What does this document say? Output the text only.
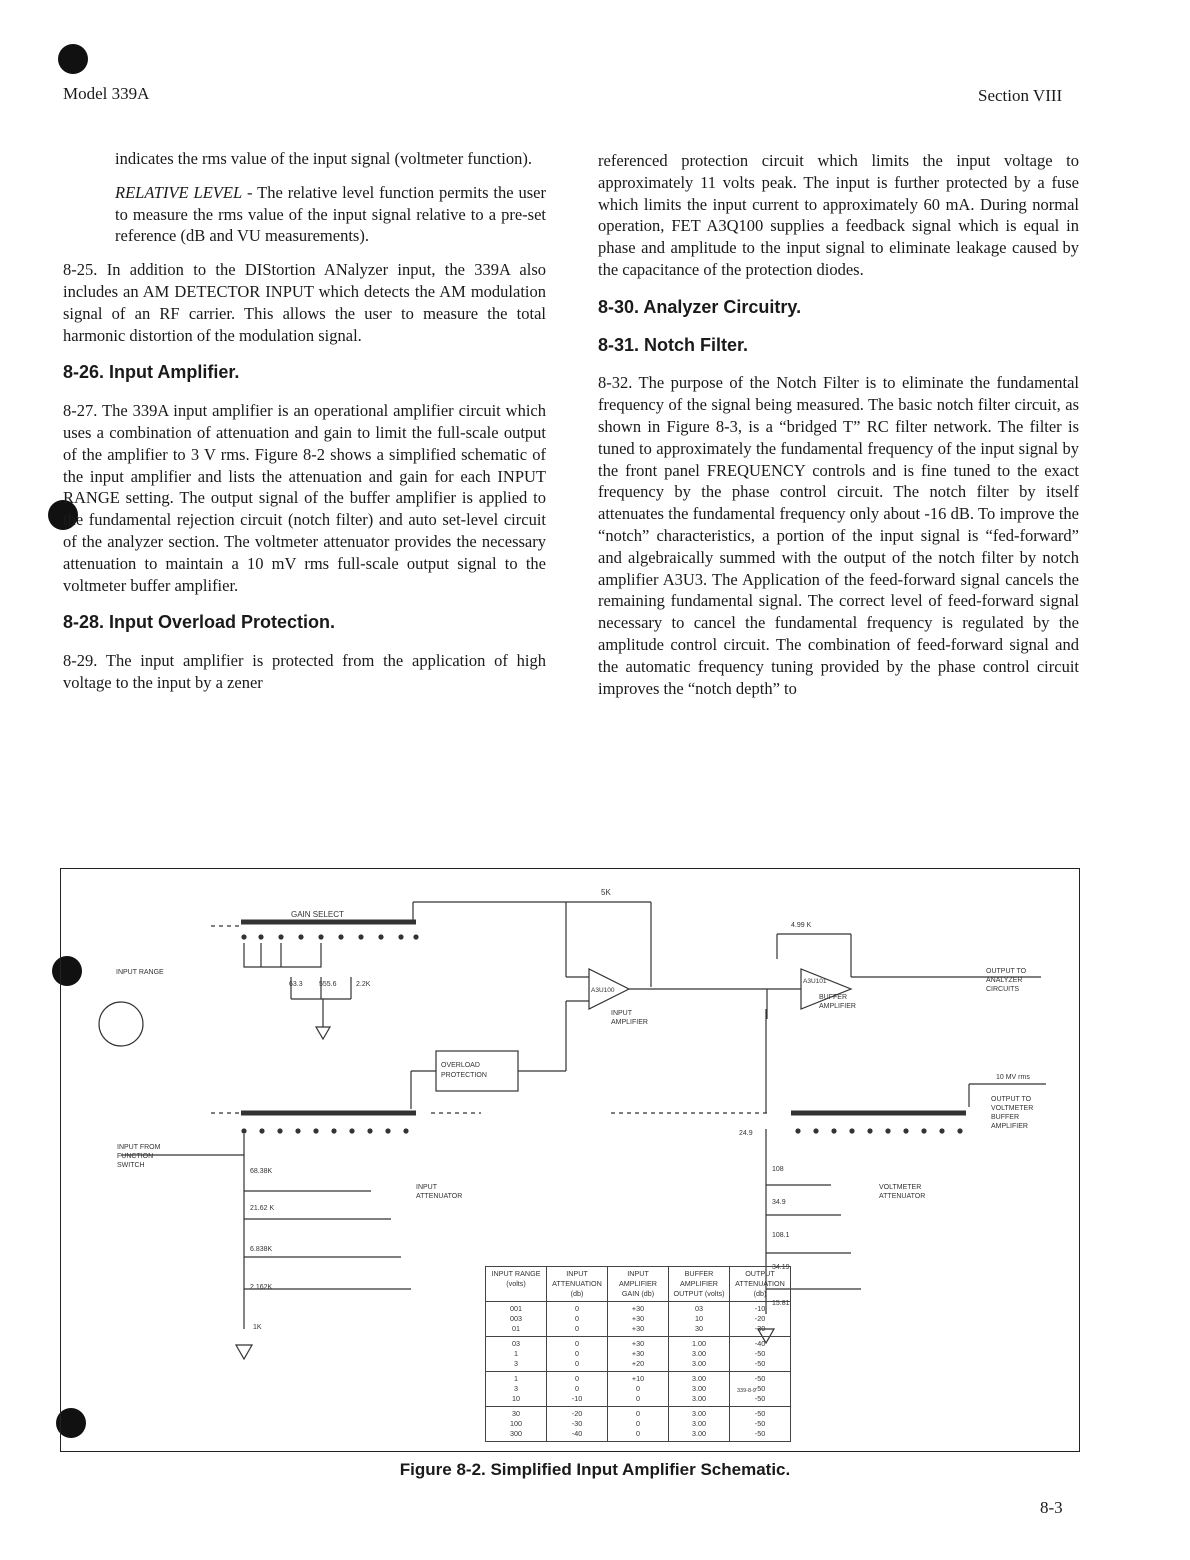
Model 339A	Section VIII

indicates the rms value of the input signal (voltmeter function).

RELATIVE LEVEL - The relative level function permits the user to measure the rms value of the input signal relative to a pre-set reference (dB and VU measurements).

8-25. In addition to the DIStortion ANalyzer input, the 339A also includes an AM DETECTOR INPUT which detects the AM modulation signal of an RF carrier. This allows the user to measure the total harmonic distortion of the modulation signal.

8-26. Input Amplifier.

8-27. The 339A input amplifier is an operational amplifier circuit which uses a combination of attenuation and gain to limit the full-scale output of the amplifier to 3 V rms. Figure 8-2 shows a simplified schematic of the input amplifier and lists the attenuation and gain for each INPUT RANGE setting. The output signal of the buffer amplifier is applied to the fundamental rejection circuit (notch filter) and auto set-level circuit of the analyzer section. The voltmeter attenuator provides the necessary attenuation to maintain a 10 mV rms full-scale output signal to the voltmeter buffer amplifier.

8-28. Input Overload Protection.

8-29. The input amplifier is protected from the application of high voltage to the input by a zener

referenced protection circuit which limits the input voltage to approximately 11 volts peak. The input is further protected by a fuse which limits the input current to approximately 60 mA. During normal operation, FET A3Q100 supplies a feedback signal which is equal in phase and amplitude to the input signal to eliminate leakage caused by the capacitance of the protection diodes.

8-30. Analyzer Circuitry.
8-31. Notch Filter.

8-32. The purpose of the Notch Filter is to eliminate the fundamental frequency of the signal being measured. The basic notch filter circuit, as shown in Figure 8-3, is a “bridged T” RC filter network. The filter is tuned to approximately the fundamental frequency of the input signal by the front panel FREQUENCY controls and is fine tuned to the exact frequency by the phase control circuit. The notch filter by itself attenuates the fundamental frequency only about -16 dB. To improve the “notch” characteristics, a portion of the input signal is “fed-forward” and algebraically summed with the output of the notch filter by notch amplifier A3U3. The Application of the feed-forward signal cancels the remaining fundamental signal. The correct level of feed-forward signal necessary to cancel the fundamental frequency is regulated by the amplitude control circuit. The combination of feed-forward signal and the automatic frequency tuning provided by the phase control circuit improves the “notch depth” to

GAIN SELECT
INPUT RANGE
5K
4.99 K
A3U100
INPUT
AMPLIFIER
A3U101
BUFFER
AMPLIFIER
OUTPUT TO
ANALYZER
CIRCUITS
OVERLOAD
PROTECTION	10 MV rms
OUTPUT TO
VOLTMETER
BUFFER
AMPLIFIER
INPUT FROM
FUNCTION
SWITCH
INPUT
ATTENUATOR
VOLTMETER
ATTENUATOR
339-8-9
63.3 555.6	2.2K
68.38K
21.62 K
6.838K
2.162K
1K
24.9
108
34.9
108.1
34.19
15.81
INPUT RANGE (volts)	INPUT ATTENUATION (db)	INPUT AMPLIFIER GAIN (db)	BUFFER AMPLIFIER OUTPUT (volts)	OUTPUT ATTENUATION (db)

001
003
01	0
0
0	+30
+30
+30	03
10
30	-10
-20
-30

03
1
3	0
0
0	+30
+30
+20	1.00
3.00
3.00	-40
-50
-50

1
3
10	0
0
-10	+10
0
0	3.00
3.00
3.00	-50
-50
-50

30
100
300	-20
-30
-40	0
0
0	3.00
3.00
3.00	-50
-50
-50
Figure 8-2. Simplified Input Amplifier Schematic.
8-3
